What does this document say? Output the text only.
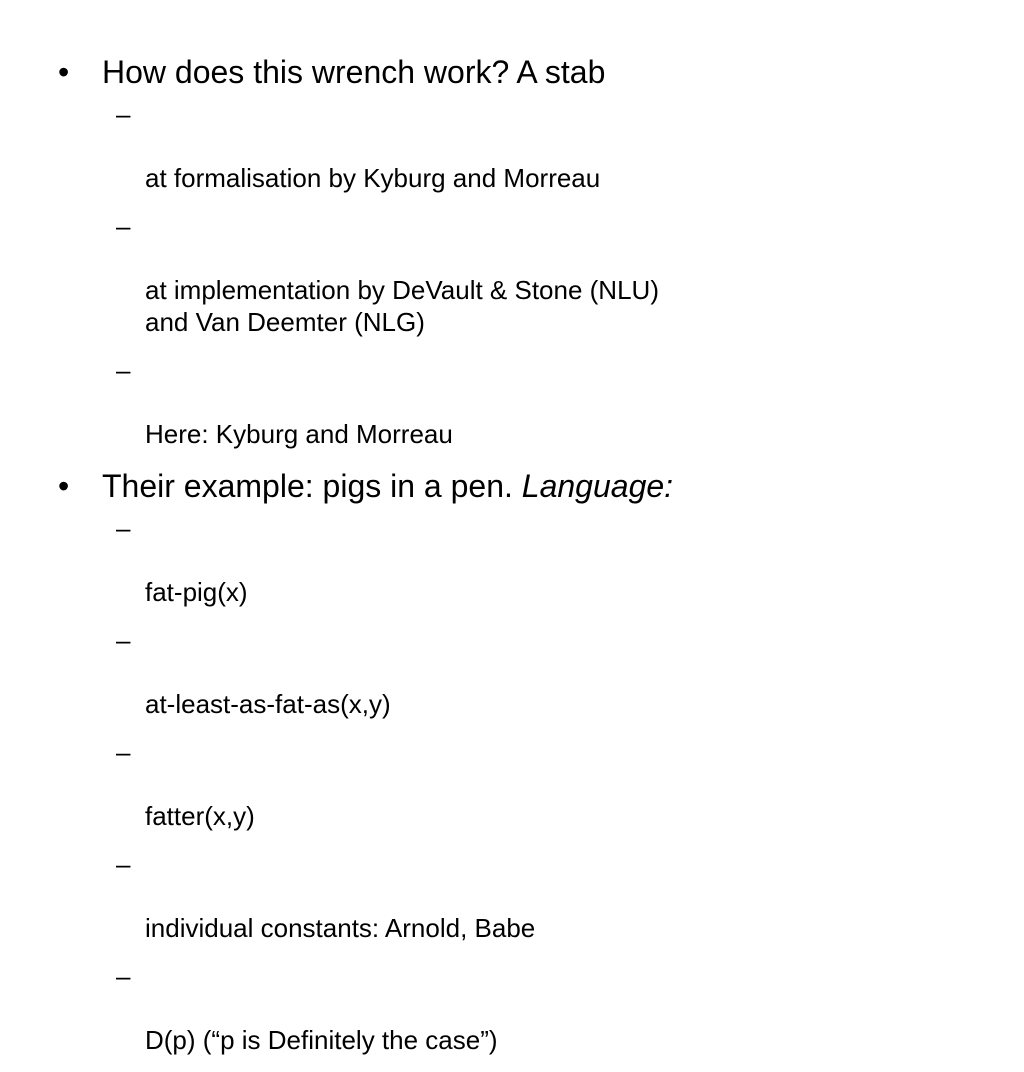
•	How does this wrench work? A stab

–

at formalisation by Kyburg and Morreau

–

at implementation by DeVault & Stone (NLU)
and Van Deemter (NLG)

–

Here: Kyburg and Morreau

•	Their example: pigs in a pen. Language:

–

fat-pig(x)

–

at-least-as-fat-as(x,y)

–

fatter(x,y)

–

individual constants: Arnold, Babe

–

D(p) (“p is Definitely the case”)
